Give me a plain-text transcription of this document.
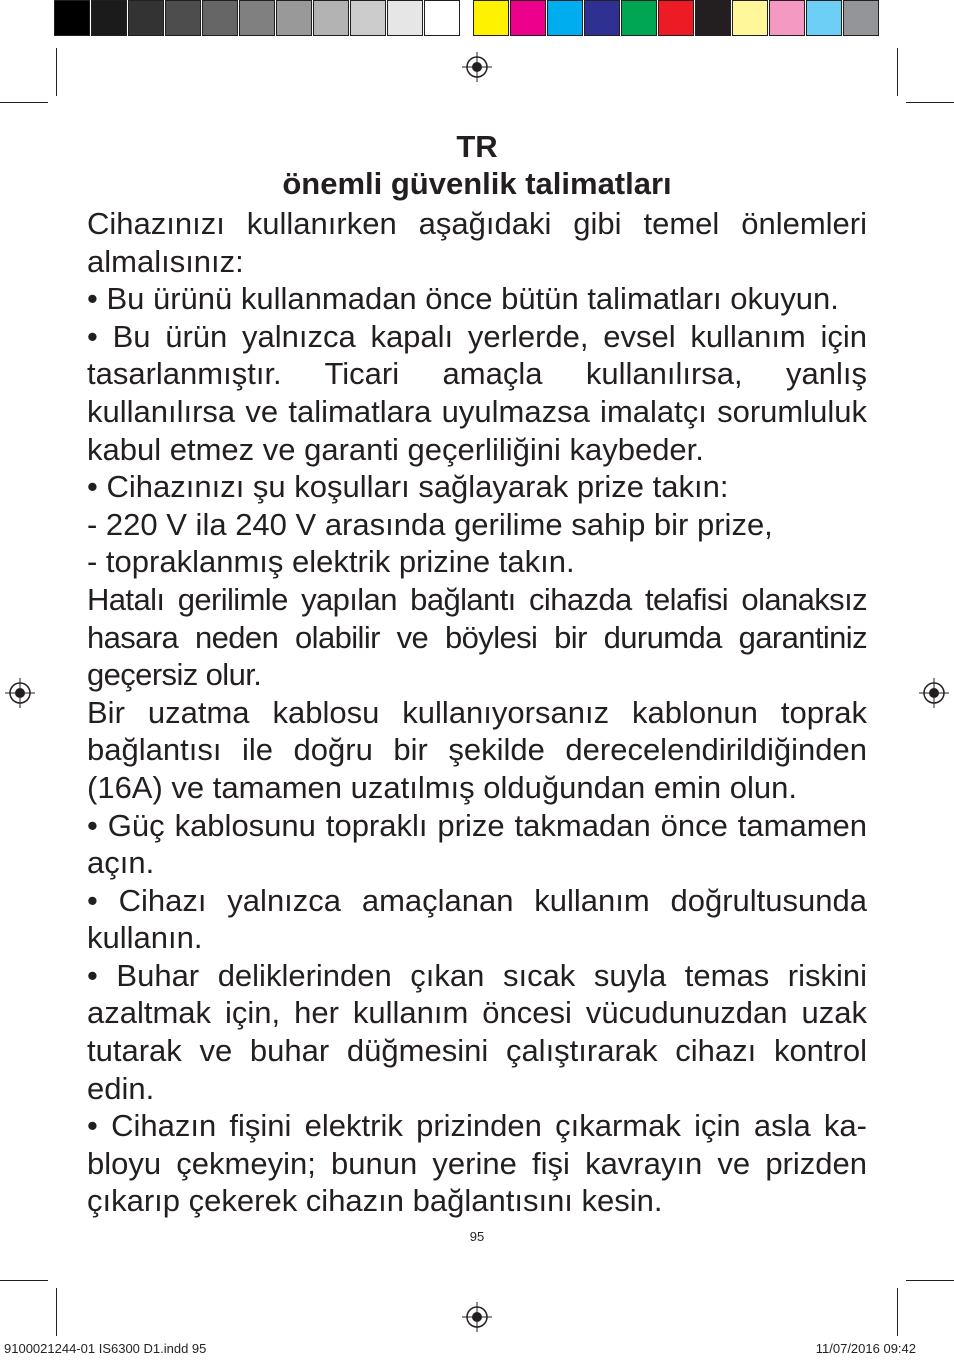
TR
önemli güvenlik talimatları

Cihazınızı kullanırken aşağıdaki gibi temel önlemleri almalısınız:

• Bu ürünü kullanmadan önce bütün talimatları okuyun.

• Bu ürün yalnızca kapalı yerlerde, evsel kullanım için tasarlanmıştır. Ticari amaçla kullanılırsa, yanlış kullanılırsa ve talimatlara uyulmazsa imalatçı sorumluluk kabul etmez ve garanti geçerliliğini kaybeder.

• Cihazınızı şu koşulları sağlayarak prize takın:

- 220 V ila 240 V arasında gerilime sahip bir prize,

- topraklanmış elektrik prizine takın.

Hatalı gerilimle yapılan bağlantı cihazda telafisi olanaksız hasara neden olabilir ve böylesi bir durumda garantiniz geçersiz olur.

Bir uzatma kablosu kullanıyorsanız kablonun toprak bağlantısı ile doğru bir şekilde derecelendirildiğinden (16A) ve tamamen uzatılmış olduğundan emin olun.

• Güç kablosunu topraklı prize takmadan önce tamamen açın.

• Cihazı yalnızca amaçlanan kullanım doğrultusunda kullanın.

• Buhar deliklerinden çıkan sıcak suyla temas riskini azaltmak için, her kullanım öncesi vücudunuzdan uzak tutarak ve buhar düğmesini çalıştırarak cihazı kontrol edin.

• Cihazın fişini elektrik prizinden çıkarmak için asla ka-bloyu çekmeyin; bunun yerine fişi kavrayın ve prizden çıkarıp çekerek cihazın bağlantısını kesin.

95
9100021244-01 IS6300 D1.indd 95	11/07/2016 09:42
